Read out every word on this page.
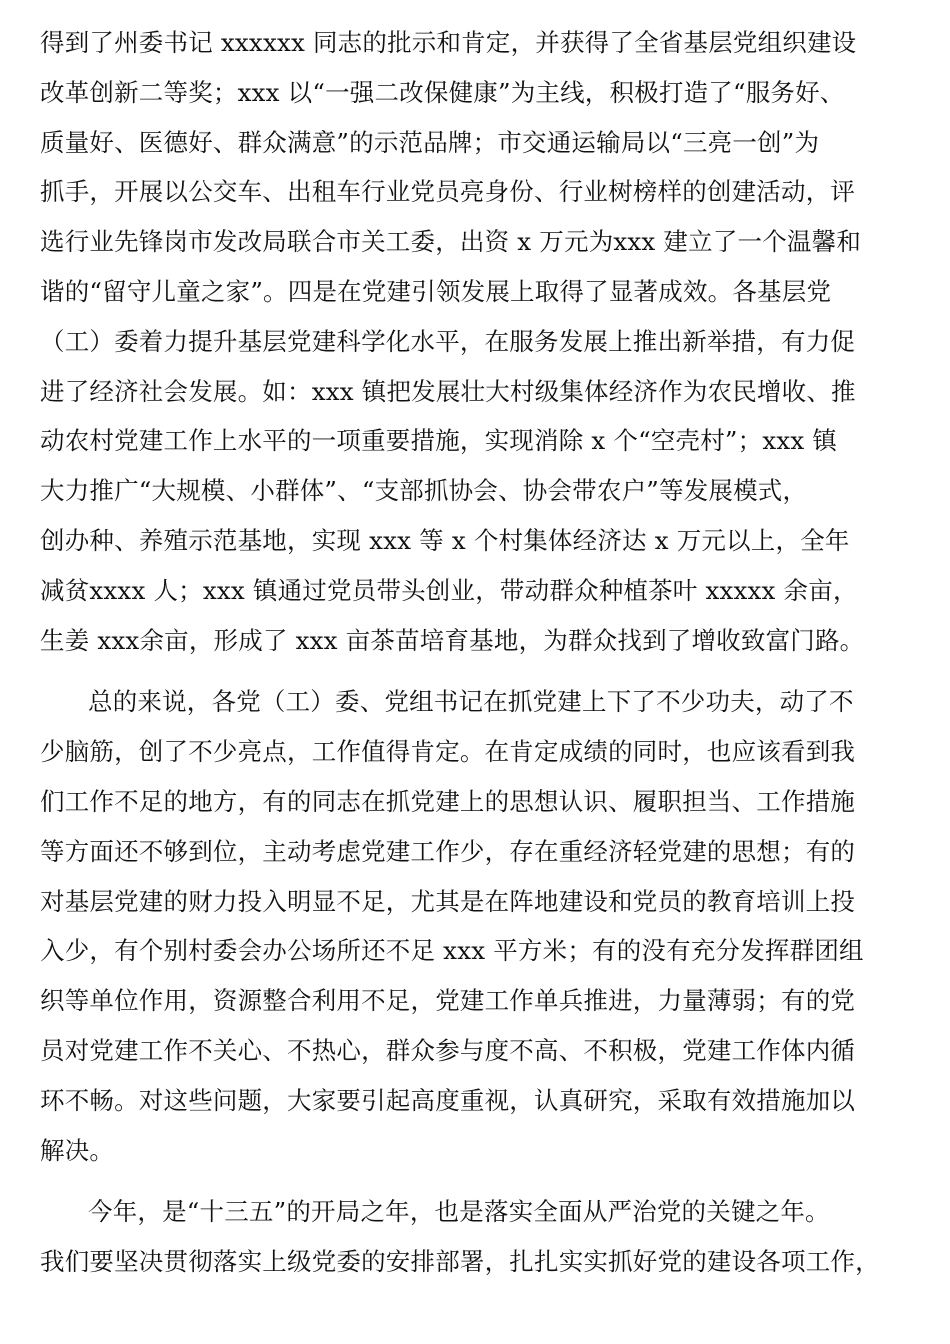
得到了州委书记 xxxxxx 同志的批示和肯定，并获得了全省基层党组织建设
改革创新二等奖；xxx 以“一强二改保健康”为主线，积极打造了“服务好、
质量好、医德好、群众满意”的示范品牌；市交通运输局以“三亮一创”为
抓手，开展以公交车、出租车行业党员亮身份、行业树榜样的创建活动，评
选行业先锋岗市发改局联合市关工委，出资 x 万元为xxx 建立了一个温馨和
谐的“留守儿童之家”。四是在党建引领发展上取得了显著成效。各基层党
（工）委着力提升基层党建科学化水平，在服务发展上推出新举措，有力促
进了经济社会发展。如：xxx 镇把发展壮大村级集体经济作为农民增收、推
动农村党建工作上水平的一项重要措施，实现消除 x 个“空壳村”；xxx 镇
大力推广“大规模、小群体”、“支部抓协会、协会带农户”等发展模式，
创办种、养殖示范基地，实现 xxx 等 x 个村集体经济达 x 万元以上，全年
减贫xxxx 人；xxx 镇通过党员带头创业，带动群众种植茶叶 xxxxx 余亩，
生姜 xxx余亩，形成了 xxx 亩茶苗培育基地，为群众找到了增收致富门路。
总的来说，各党（工）委、党组书记在抓党建上下了不少功夫，动了不
少脑筋，创了不少亮点，工作值得肯定。在肯定成绩的同时，也应该看到我
们工作不足的地方，有的同志在抓党建上的思想认识、履职担当、工作措施
等方面还不够到位，主动考虑党建工作少，存在重经济轻党建的思想；有的
对基层党建的财力投入明显不足，尤其是在阵地建设和党员的教育培训上投
入少，有个别村委会办公场所还不足 xxx 平方米；有的没有充分发挥群团组
织等单位作用，资源整合利用不足，党建工作单兵推进，力量薄弱；有的党
员对党建工作不关心、不热心，群众参与度不高、不积极，党建工作体内循
环不畅。对这些问题，大家要引起高度重视，认真研究，采取有效措施加以
解决。
今年，是“十三五”的开局之年，也是落实全面从严治党的关键之年。
我们要坚决贯彻落实上级党委的安排部署，扎扎实实抓好党的建设各项工作，
